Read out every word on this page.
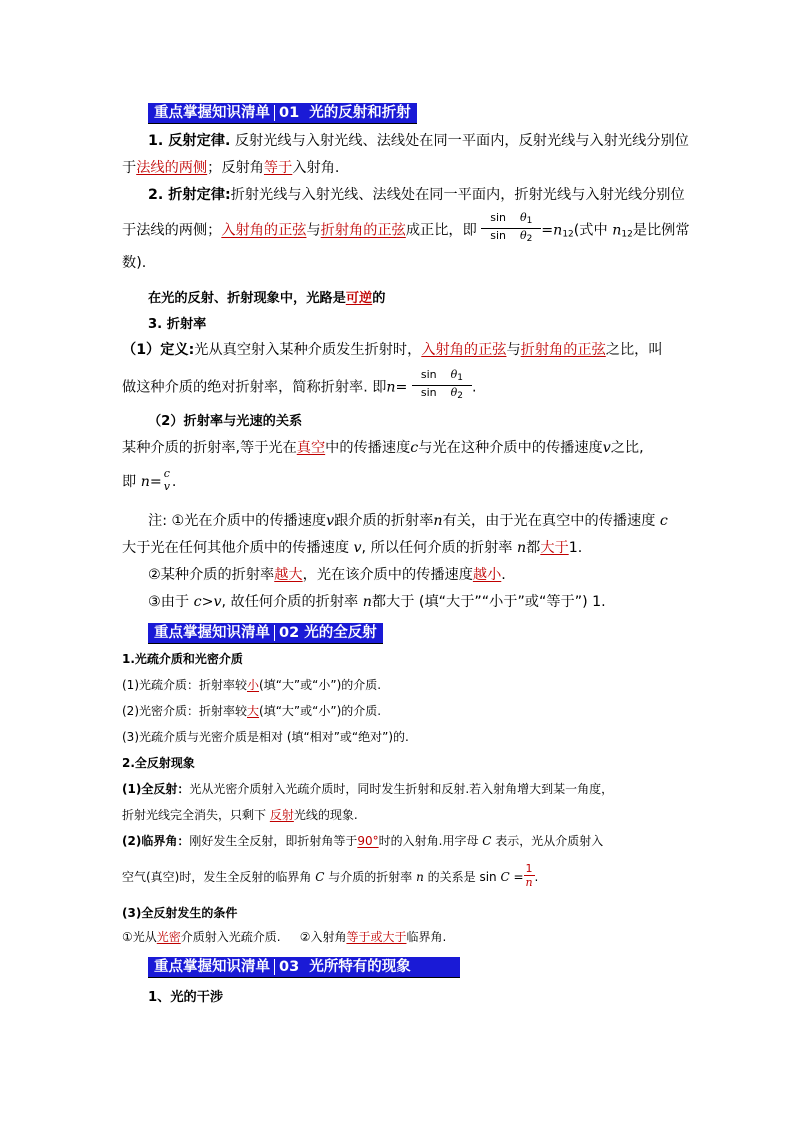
重点掌握知识清单 01 光的反射和折射
1. 反射定律. 反射光线与入射光线、法线处在同一平面内，反射光线与入射光线分别位
于法线的两侧；反射角等于入射角.
2. 折射定律:折射光线与入射光线、法线处在同一平面内，折射光线与入射光线分别位
于法线的两侧；入射角的正弦与折射角的正弦成正比，即 $\frac{\sin \theta_1}{\sin \theta_2} =n_{12}$(式中 $n_{12}$是比例常
数).
在光的反射、折射现象中，光路是可逆的
3. 折射率
（1）定义:光从真空射入某种介质发生折射时，入射角的正弦与折射角的正弦之比，叫
做这种介质的绝对折射率，简称折射率. 即$n= \frac{\sin \theta_1}{\sin \theta_2}$ .
（2）折射率与光速的关系
某种介质的折射率,等于光在真空中的传播速度c与光在这种介质中的传播速度v之比,
即 n=
c
v .
注: ①光在介质中的传播速度v跟介质的折射率n有关，由于光在真空中的传播速度 c
大于光在任何其他介质中的传播速度 v, 所以任何介质的折射率 n都大于1.
②某种介质的折射率越大，光在该介质中的传播速度越小.
③由于 c>v, 故任何介质的折射率 n都大于 (填“大于”“小于”或“等于”) 1.
重点掌握知识清单 02 光的全反射
1.光疏介质和光密介质
(1)光疏介质：折射率较小(填“大”或“小”)的介质.
(2)光密介质：折射率较大(填“大”或“小”)的介质.
(3)光疏介质与光密介质是相对 (填“相对”或“绝对”)的.
2.全反射现象
(1)全反射：光从光密介质射入光疏介质时，同时发生折射和反射.若入射角增大到某一角度，
折射光线完全消失，只剩下 反射光线的现象.
(2)临界角：刚好发生全反射，即折射角等于90°时的入射角.用字母 C 表示，光从介质射入
空气(真空)时，发生全反射的临界角 C 与介质的折射率 n 的关系是 $\sin C = \frac{1}{n}$ .
(3)全反射发生的条件
①光从光密介质射入光疏介质. ②入射角等于或大于临界角.
重点掌握知识清单 03 光所特有的现象
1、光的干涉
